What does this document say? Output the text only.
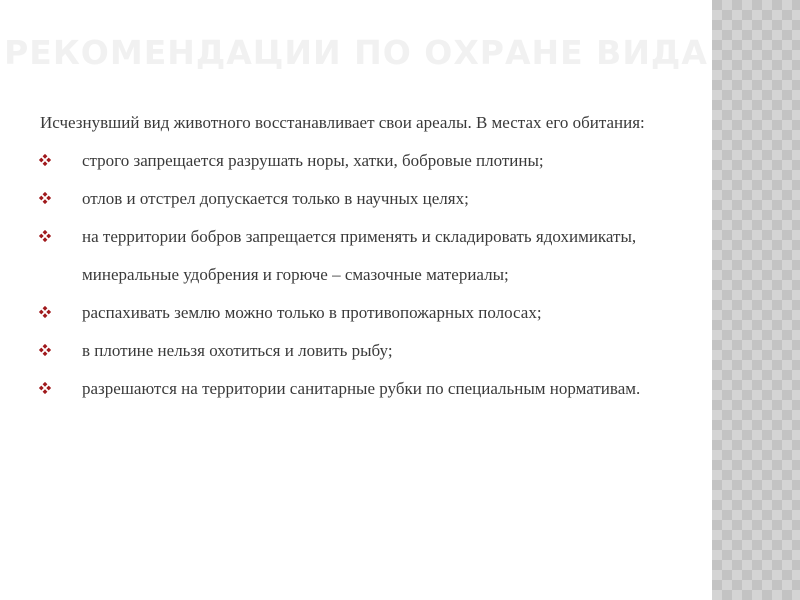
РЕКОМЕНДАЦИИ ПО ОХРАНЕ ВИДА

Исчезнувший вид животного восстанавливает свои ареалы. В местах его обитания:

строго запрещается разрушать норы, хатки, бобровые плотины;
отлов и отстрел допускается только в научных целях;
на территории бобров запрещается применять и складировать ядохимикаты, минеральные удобрения и горюче – смазочные материалы;
распахивать землю можно только в противопожарных полосах;
в плотине нельзя охотиться и ловить рыбу;
разрешаются на территории санитарные рубки по специальным нормативам.
